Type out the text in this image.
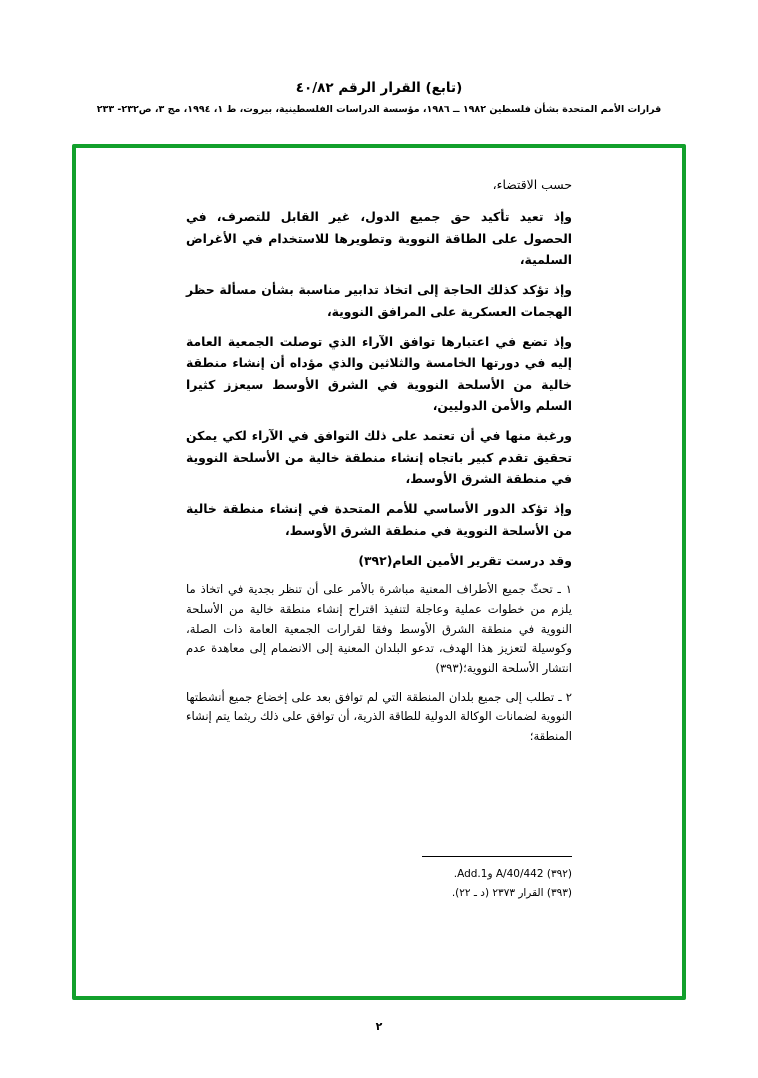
(تابع) القرار الرقم ٤٠/٨٢
قرارات الأمم المتحدة بشأن فلسطين ١٩٨٢ ــ ١٩٨٦، مؤسسة الدراسات الفلسطينية، بيروت، ط ١، ١٩٩٤، مج ٣، ص٢٣٢- ٢٣٣

حسب الاقتضاء،

وإذ تعيد تأكيد حق جميع الدول، غير القابل للتصرف، في الحصول على الطاقة النووية وتطويرها للاستخدام في الأغراض السلمية،

وإذ تؤكد كذلك الحاجة إلى اتخاذ تدابير مناسبة بشأن مسألة حظر الهجمات العسكرية على المرافق النووية،

وإذ تضع في اعتبارها توافق الآراء الذي توصلت الجمعية العامة إليه في دورتها الخامسة والثلاثين والذي مؤداه أن إنشاء منطقة خالية من الأسلحة النووية في الشرق الأوسط سيعزز كثيرا السلم والأمن الدوليين،

ورغبة منها في أن تعتمد على ذلك التوافق في الآراء لكي يمكن تحقيق تقدم كبير باتجاه إنشاء منطقة خالية من الأسلحة النووية في منطقة الشرق الأوسط،

وإذ تؤكد الدور الأساسي للأمم المتحدة في إنشاء منطقة خالية من الأسلحة النووية في منطقة الشرق الأوسط،

وقد درست تقرير الأمين العام(٣٩٢)

١ ـ تحثّ جميع الأطراف المعنية مباشرة بالأمر على أن تنظر بجدية في اتخاذ ما يلزم من خطوات عملية وعاجلة لتنفيذ اقتراح إنشاء منطقة خالية من الأسلحة النووية في منطقة الشرق الأوسط وفقا لقرارات الجمعية العامة ذات الصلة، وكوسيلة لتعزيز هذا الهدف، تدعو البلدان المعنية إلى الانضمام إلى معاهدة عدم انتشار الأسلحة النووية؛(٣٩٣)

٢ ـ تطلب إلى جميع بلدان المنطقة التي لم توافق بعد على إخضاع جميع أنشطتها النووية لضمانات الوكالة الدولية للطاقة الذرية، أن توافق على ذلك ريثما يتم إنشاء المنطقة؛

(٣٩٢) A/40/442 وAdd.1.
(٣٩٣) القرار ٢٣٧٣ (د ـ ٢٢).
٢
